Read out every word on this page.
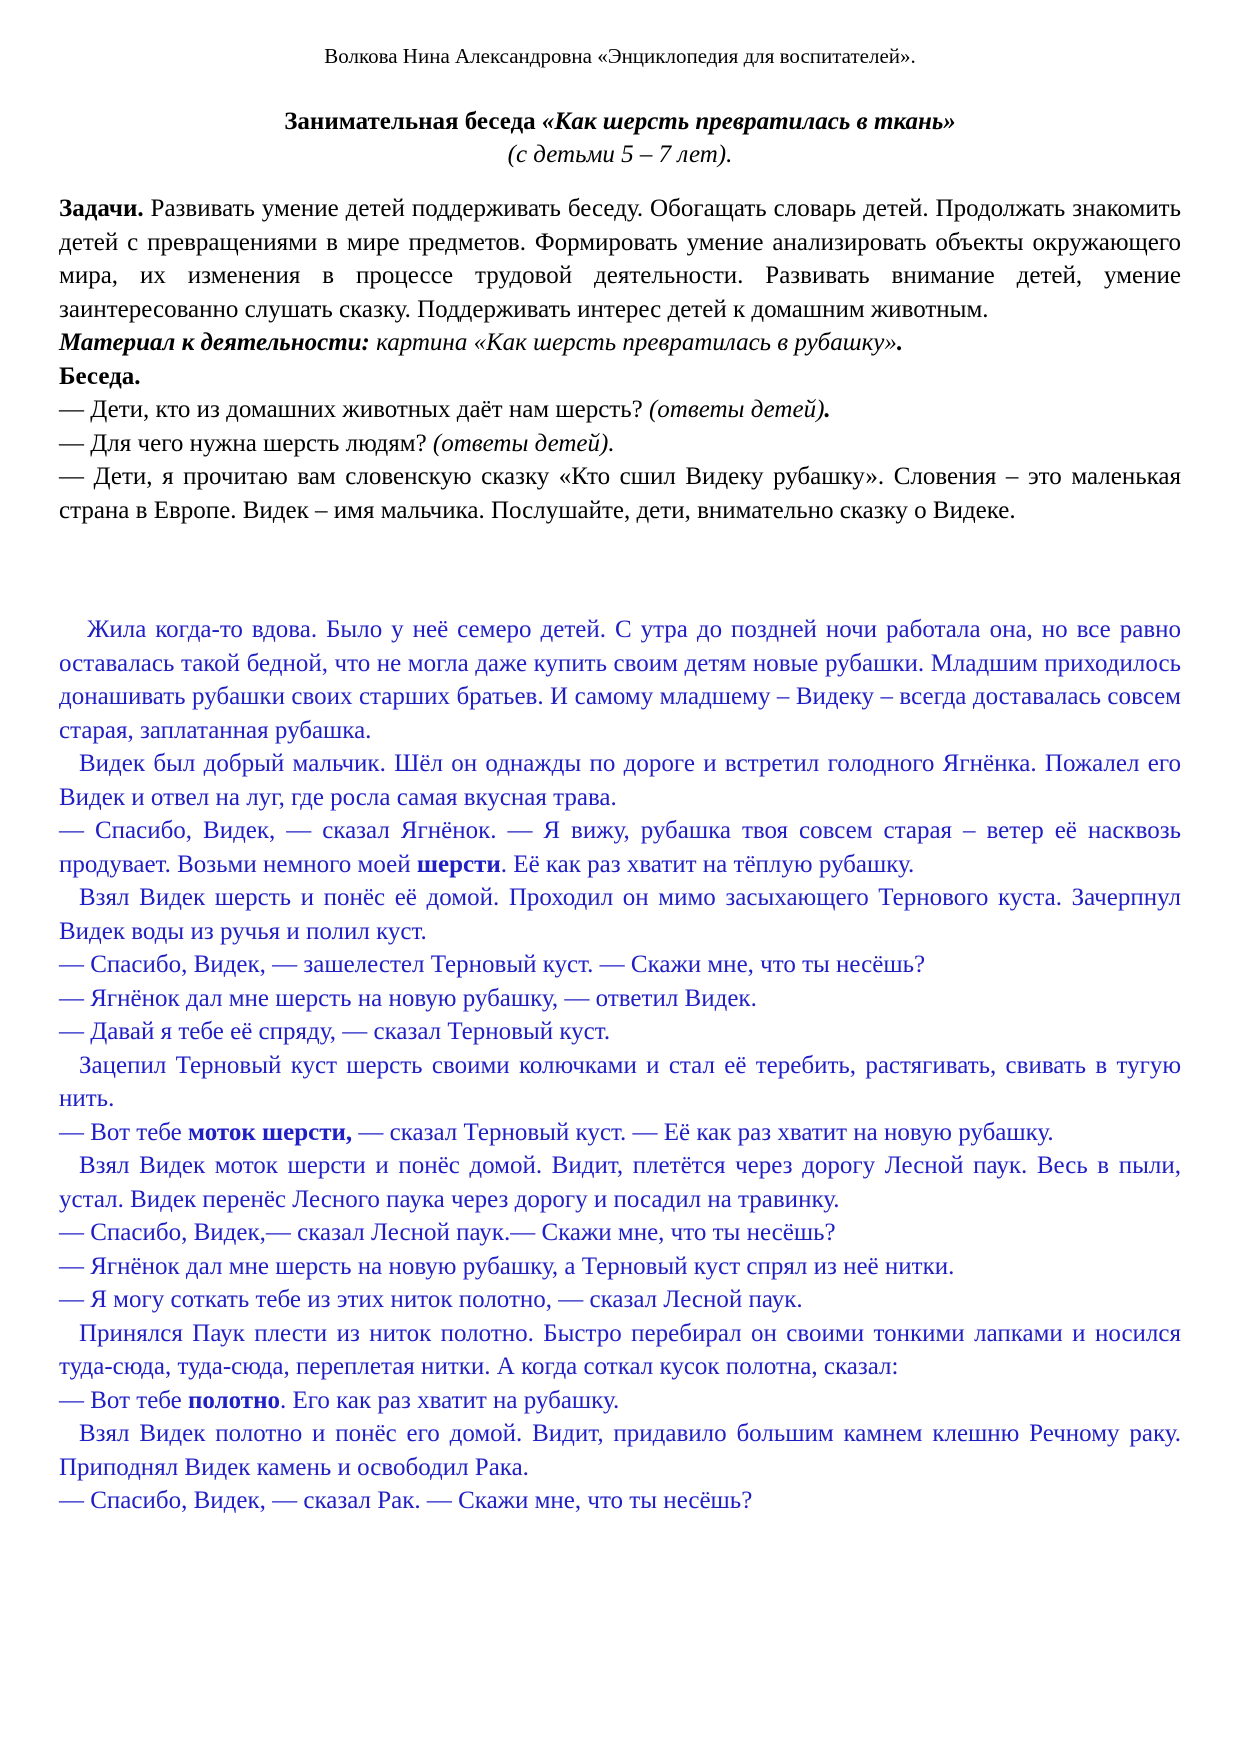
Волкова Нина Александровна «Энциклопедия для воспитателей».
Занимательная беседа «Как шерсть превратилась в ткань»
(с детьми 5 – 7 лет).

Задачи. Развивать умение детей поддерживать беседу. Обогащать словарь детей. Продолжать знакомить детей с превращениями в мире предметов. Формировать умение анализировать объекты окружающего мира, их изменения в процессе трудовой деятельности. Развивать внимание детей, умение заинтересованно слушать сказку. Поддерживать интерес детей к домашним животным.

Материал к деятельности: картина «Как шерсть превратилась в рубашку».

Беседа.

— Дети, кто из домашних животных даёт нам шерсть? (ответы детей).

— Для чего нужна шерсть людям? (ответы детей).

— Дети, я прочитаю вам словенскую сказку «Кто сшил Видеку рубашку». Словения – это маленькая страна в Европе. Видек – имя мальчика. Послушайте, дети, внимательно сказку о Видеке.

Жила когда-то вдова. Было у неё семеро детей. С утра до поздней ночи работала она, но все равно оставалась такой бедной, что не могла даже купить своим детям новые рубашки. Младшим приходилось донашивать рубашки своих старших братьев. И самому младшему – Видеку – всегда доставалась совсем старая, заплатанная рубашка.

Видек был добрый мальчик. Шёл он однажды по дороге и встретил голодного Ягнёнка. Пожалел его Видек и отвел на луг, где росла самая вкусная трава.

— Спасибо, Видек, — сказал Ягнёнок. — Я вижу, рубашка твоя совсем старая – ветер её насквозь продувает. Возьми немного моей шерсти. Её как раз хватит на тёплую рубашку.

Взял Видек шерсть и понёс её домой. Проходил он мимо засыхающего Тернового куста. Зачерпнул Видек воды из ручья и полил куст.

— Спасибо, Видек, — зашелестел Терновый куст. — Скажи мне, что ты несёшь?

— Ягнёнок дал мне шерсть на новую рубашку, — ответил Видек.

— Давай я тебе её спряду, — сказал Терновый куст.

Зацепил Терновый куст шерсть своими колючками и стал её теребить, растягивать, свивать в тугую нить.

— Вот тебе моток шерсти, — сказал Терновый куст. — Её как раз хватит на новую рубашку.

Взял Видек моток шерсти и понёс домой. Видит, плетётся через дорогу Лесной паук. Весь в пыли, устал. Видек перенёс Лесного паука через дорогу и посадил на травинку.

— Спасибо, Видек,— сказал Лесной паук.— Скажи мне, что ты несёшь?

— Ягнёнок дал мне шерсть на новую рубашку, а Терновый куст спрял из неё нитки.

— Я могу соткать тебе из этих ниток полотно, — сказал Лесной паук.

Принялся Паук плести из ниток полотно. Быстро перебирал он своими тонкими лапками и носился туда-сюда, туда-сюда, переплетая нитки. А когда соткал кусок полотна, сказал:

— Вот тебе полотно. Его как раз хватит на рубашку.

Взял Видек полотно и понёс его домой. Видит, придавило большим камнем клешню Речному раку. Приподнял Видек камень и освободил Рака.

— Спасибо, Видек, — сказал Рак. — Скажи мне, что ты несёшь?
